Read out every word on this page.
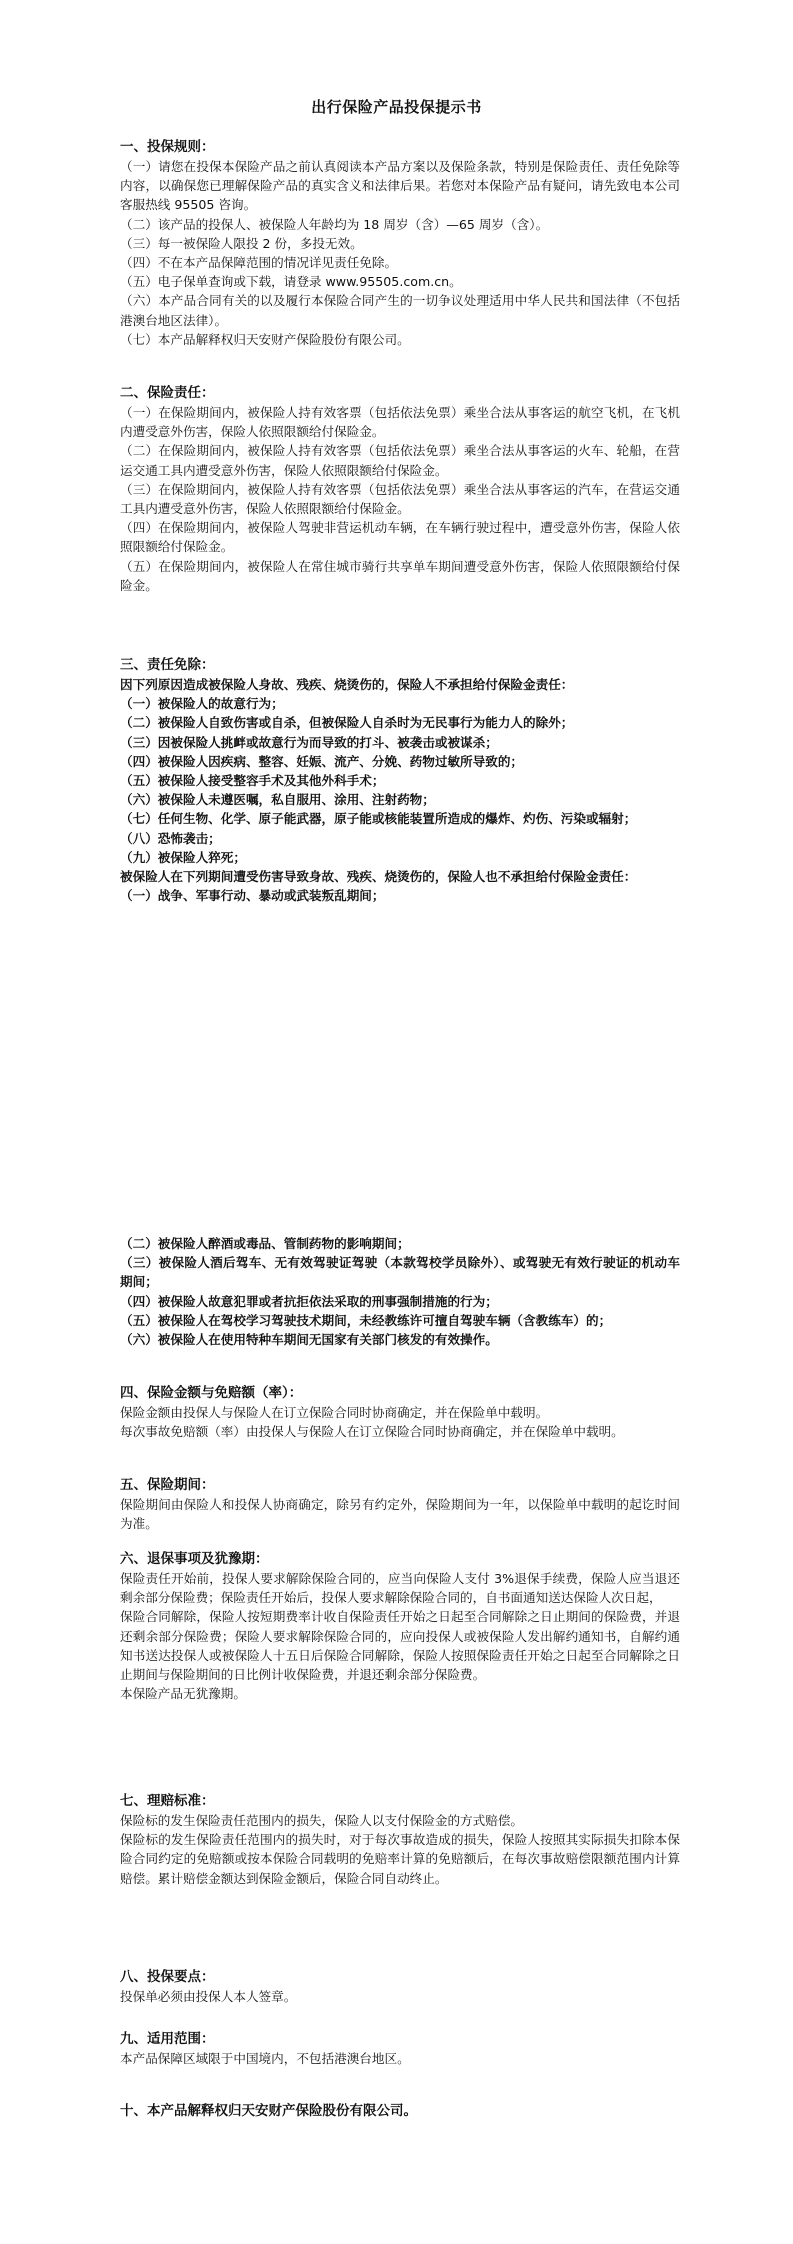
出行保险产品投保提示书

一、投保规则：

（一）请您在投保本保险产品之前认真阅读本产品方案以及保险条款，特别是保险责任、责任免除等内容，以确保您已理解保险产品的真实含义和法律后果。若您对本保险产品有疑问，请先致电本公司客服热线 95505 咨询。

（二）该产品的投保人、被保险人年龄均为 18 周岁（含）—65 周岁（含）。

（三）每一被保险人限投 2 份，多投无效。

（四）不在本产品保障范围的情况详见责任免除。

（五）电子保单查询或下载，请登录 www.95505.com.cn。

（六）本产品合同有关的以及履行本保险合同产生的一切争议处理适用中华人民共和国法律（不包括港澳台地区法律）。

（七）本产品解释权归天安财产保险股份有限公司。

二、保险责任：

（一）在保险期间内，被保险人持有效客票（包括依法免票）乘坐合法从事客运的航空飞机，在飞机内遭受意外伤害，保险人依照限额给付保险金。

（二）在保险期间内，被保险人持有效客票（包括依法免票）乘坐合法从事客运的火车、轮船，在营运交通工具内遭受意外伤害，保险人依照限额给付保险金。

（三）在保险期间内，被保险人持有效客票（包括依法免票）乘坐合法从事客运的汽车，在营运交通工具内遭受意外伤害，保险人依照限额给付保险金。

（四）在保险期间内，被保险人驾驶非营运机动车辆，在车辆行驶过程中，遭受意外伤害，保险人依照限额给付保险金。

（五）在保险期间内，被保险人在常住城市骑行共享单车期间遭受意外伤害，保险人依照限额给付保险金。

三、责任免除：

因下列原因造成被保险人身故、残疾、烧烫伤的，保险人不承担给付保险金责任：

（一）被保险人的故意行为；

（二）被保险人自致伤害或自杀，但被保险人自杀时为无民事行为能力人的除外；

（三）因被保险人挑衅或故意行为而导致的打斗、被袭击或被谋杀；

（四）被保险人因疾病、整容、妊娠、流产、分娩、药物过敏所导致的；

（五）被保险人接受整容手术及其他外科手术；

（六）被保险人未遵医嘱，私自服用、涂用、注射药物；

（七）任何生物、化学、原子能武器，原子能或核能装置所造成的爆炸、灼伤、污染或辐射；

（八）恐怖袭击；

（九）被保险人猝死；

被保险人在下列期间遭受伤害导致身故、残疾、烧烫伤的，保险人也不承担给付保险金责任：

（一）战争、军事行动、暴动或武装叛乱期间；

（二）被保险人醉酒或毒品、管制药物的影响期间；

（三）被保险人酒后驾车、无有效驾驶证驾驶（本款驾校学员除外）、或驾驶无有效行驶证的机动车期间；

（四）被保险人故意犯罪或者抗拒依法采取的刑事强制措施的行为；

（五）被保险人在驾校学习驾驶技术期间，未经教练许可擅自驾驶车辆（含教练车）的；

（六）被保险人在使用特种车期间无国家有关部门核发的有效操作。

四、保险金额与免赔额（率）：

保险金额由投保人与保险人在订立保险合同时协商确定，并在保险单中载明。

每次事故免赔额（率）由投保人与保险人在订立保险合同时协商确定，并在保险单中载明。

五、保险期间：

保险期间由保险人和投保人协商确定，除另有约定外，保险期间为一年，以保险单中载明的起讫时间为准。

六、退保事项及犹豫期：

保险责任开始前，投保人要求解除保险合同的，应当向保险人支付 3%退保手续费，保险人应当退还剩余部分保险费；保险责任开始后，投保人要求解除保险合同的，自书面通知送达保险人次日起，

保险合同解除，保险人按短期费率计收自保险责任开始之日起至合同解除之日止期间的保险费，并退还剩余部分保险费；保险人要求解除保险合同的，应向投保人或被保险人发出解约通知书，自解约通知书送达投保人或被保险人十五日后保险合同解除，保险人按照保险责任开始之日起至合同解除之日止期间与保险期间的日比例计收保险费，并退还剩余部分保险费。

本保险产品无犹豫期。

七、理赔标准：

保险标的发生保险责任范围内的损失，保险人以支付保险金的方式赔偿。

保险标的发生保险责任范围内的损失时，对于每次事故造成的损失，保险人按照其实际损失扣除本保险合同约定的免赔额或按本保险合同载明的免赔率计算的免赔额后，在每次事故赔偿限额范围内计算赔偿。累计赔偿金额达到保险金额后，保险合同自动终止。

八、投保要点：

投保单必须由投保人本人签章。

九、适用范围：

本产品保障区域限于中国境内，不包括港澳台地区。

十、本产品解释权归天安财产保险股份有限公司。
